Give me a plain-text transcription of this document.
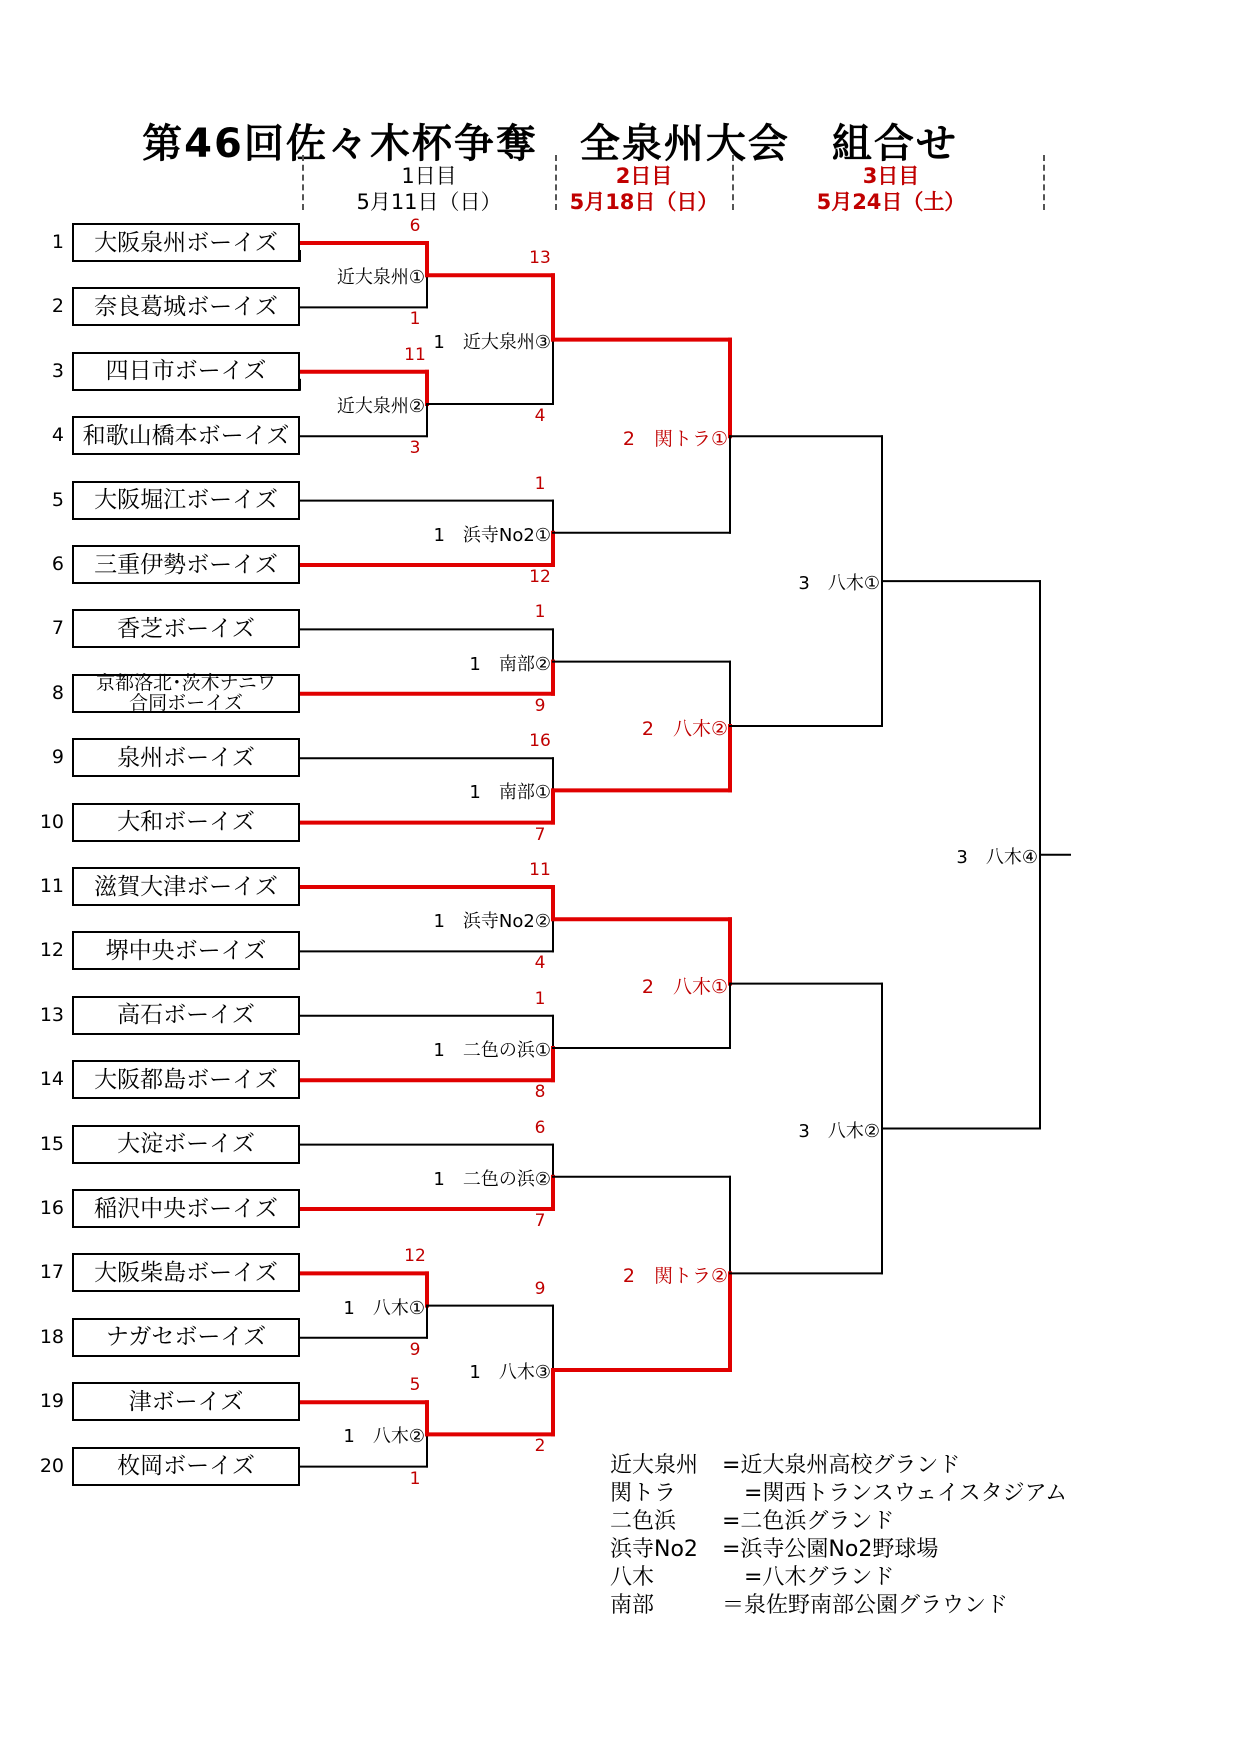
第46回佐々木杯争奪　全泉州大会　組合せ
1日目
5月11日（日）
2日目
5月18日（日）
3日目
5月24日（土）
1	大阪泉州ボーイズ
2	奈良葛城ボーイズ
3	四日市ボーイズ
4 和歌山橋本ボーイズ
5	大阪堀江ボーイズ
6	三重伊勢ボーイズ
7	香芝ボーイズ
8 京都洛北･茨木ナニワ
合同ボーイズ
9	泉州ボーイズ
10	大和ボーイズ
11	滋賀大津ボーイズ
12	堺中央ボーイズ
13	高石ボーイズ
14	大阪都島ボーイズ
15	大淀ボーイズ
16	稲沢中央ボーイズ
17	大阪柴島ボーイズ
18	ナガセボーイズ
19	津ボーイズ
20	枚岡ボーイズ
近大泉州①
6
1
近大泉州②
11
3
1　八木①
12
9
1　八木②
5
1
1　近大泉州③
13
4
1　浜寺No2①
1
12
1　南部②
1
9
1　南部①
16
7
1　浜寺No2②
11
4
1　二色の浜①
1
8
1　二色の浜②
6
7
1　八木③
9
2
2　関トラ①
2　八木②
2　八木①
2　関トラ②
3　八木①
3　八木②
3　八木④
近大泉州 =近大泉州高校グランド
関トラ　=関西トランスウェイスタジアム
二色浜 =二色浜グランド
浜寺No2 =浜寺公園No2野球場
八木	　=八木グランド
南部	＝泉佐野南部公園グラウンド
